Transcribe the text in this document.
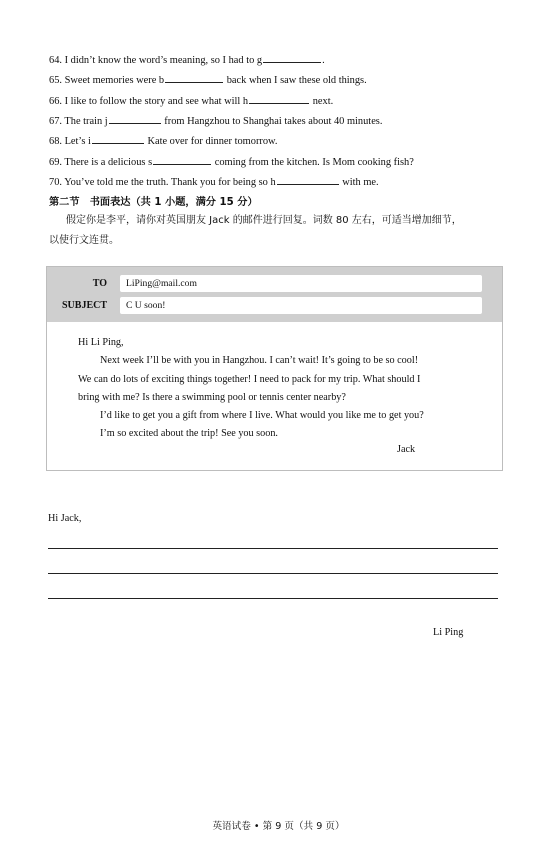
64. I didn’t know the word’s meaning, so I had to g	.
65. Sweet memories were b	back when I saw these old things.
66. I like to follow the story and see what will h	next.
67. The train j	from Hangzhou to Shanghai takes about 40 minutes.
68. Let’s i	Kate over for dinner tomorrow.
69. There is a delicious s	coming from the kitchen. Is Mom cooking fish?
70. You’ve told me the truth. Thank you for being so h	with me.
第二节　书面表达（共 1 小题，满分 15 分）
假定你是李平，请你对英国朋友 Jack 的邮件进行回复。词数 80 左右，可适当增加细节，
以使行文连贯。
TO	LiPing@mail.com
SUBJECT	C U soon!
Hi Li Ping,
Next week I’ll be with you in Hangzhou. I can’t wait! It’s going to be so cool!
We can do lots of exciting things together! I need to pack for my trip. What should I
bring with me? Is there a swimming pool or tennis center nearby?
I’d like to get you a gift from where I live. What would you like me to get you?
I’m so excited about the trip! See you soon.
Jack
Hi Jack,
Li Ping
英语试卷 • 第 9 页（共 9 页）
